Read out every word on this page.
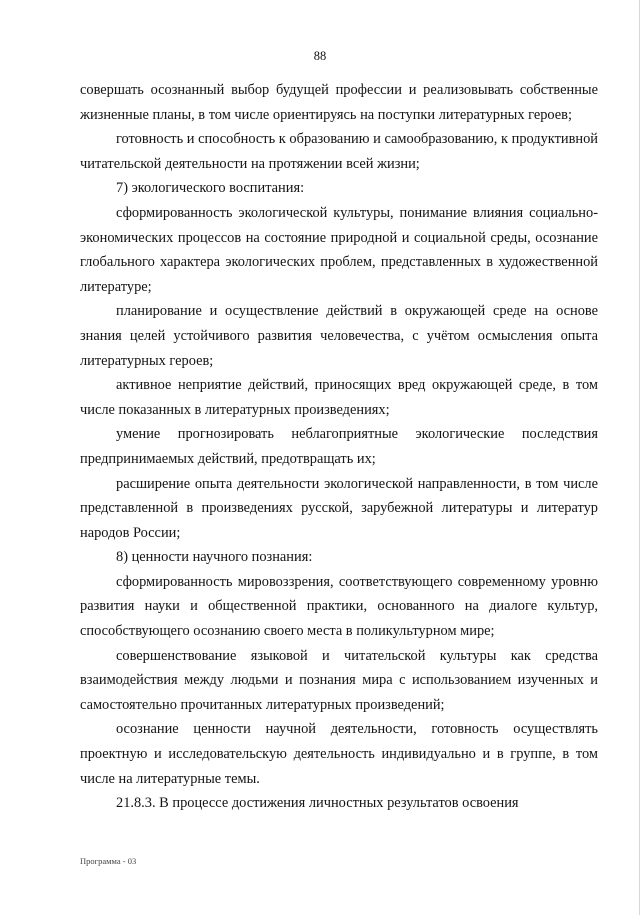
88

совершать осознанный выбор будущей профессии и реализовывать собственные жизненные планы, в том числе ориентируясь на поступки литературных героев;

готовность и способность к образованию и самообразованию, к продуктивной читательской деятельности на протяжении всей жизни;

7) экологического воспитания:

сформированность экологической культуры, понимание влияния социально-экономических процессов на состояние природной и социальной среды, осознание глобального характера экологических проблем, представленных в художественной литературе;

планирование и осуществление действий в окружающей среде на основе знания целей устойчивого развития человечества, с учётом осмысления опыта литературных героев;

активное неприятие действий, приносящих вред окружающей среде, в том числе показанных в литературных произведениях;

умение прогнозировать неблагоприятные экологические последствия предпринимаемых действий, предотвращать их;

расширение опыта деятельности экологической направленности, в том числе представленной в произведениях русской, зарубежной литературы и литератур народов России;

8) ценности научного познания:

сформированность мировоззрения, соответствующего современному уровню развития науки и общественной практики, основанного на диалоге культур, способствующего осознанию своего места в поликультурном мире;

совершенствование языковой и читательской культуры как средства взаимодействия между людьми и познания мира с использованием изученных и самостоятельно прочитанных литературных произведений;

осознание ценности научной деятельности, готовность осуществлять проектную и исследовательскую деятельность индивидуально и в группе, в том числе на литературные темы.

21.8.3. В процессе достижения личностных результатов освоения

Программа - 03
